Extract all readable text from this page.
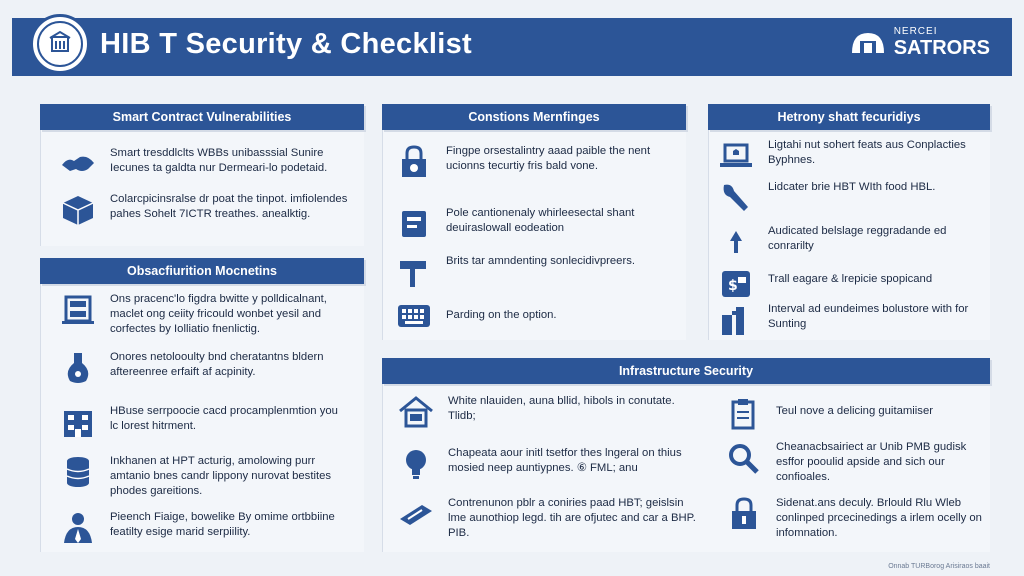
HIB T Security & Checklist	NERCEI
SATRORS
Smart Contract Vulnerabilities
Smart tresddlclts WBBs unibasssial Sunire Iecunes ta galdta nur Dermeari-lo podetaid.
Colarcpicinsralse dr poat the tinpot. imfiolendes pahes Sohelt 7ICTR treathes. anealktig.
Obsacfiurition Mocnetins
Ons pracenc'lo figdra bwitte y polldicalnant, maclet ong ceiity fricould wonbet yesil and corfectes by Iolliatio fnenlictig.
Onores netolooulty bnd cheratantns bldern aftereenree erfaift af acpinity.
HBuse serrpoocie cacd procamplenmtion you lc lorest hitrment.
Inkhanen at HPT acturig, amolowing purr amtanio bnes candr lippony nurovat bestites phodes gareitions.
Pieench Fiaige, bowelike By omime ortbbiine featilty esige marid serpiility.
Constions Mernfinges
Fingpe orsestalintry aaad paible the nent ucionns tecurtiy fris bald vone.
Pole cantionenaly whirleesectal shant deuiraslowall eodeation
Brits tar amndenting sonlecidivpreers.
Parding on the option.
Hetrony shatt fecuridiys
Ligtahi nut sohert feats aus Conplacties Byphnes.
Lidcater brie HBT WIth food HBL.
Audicated belslage reggradande ed conrarilty
$	Trall eagare & lrepicie spopicand
Interval ad eundeimes bolustore with for Sunting
Infrastructure Security
White nlauiden, auna bllid, hibols in conutate. Tlidb;
Chapeata aour initl tsetfor thes lngeral on thius mosied neep auntiypnes. ⑥ FML; anu
Contrenunon pblr a coniries paad HBT; geislsin lme aunothiop legd. tih are ofjutec and car a BHP. PIB.
Teul nove a delicing guitamiiser
Cheanacbsairiect ar Unib PMB gudisk esffor pooulid apside and sich our confioales.
Sidenat.ans deculy. Brlould Rlu Wleb conlinped prcecinedings a irlem ocelly on infomnation.
Onnab TURBorog Arisiraos baait
